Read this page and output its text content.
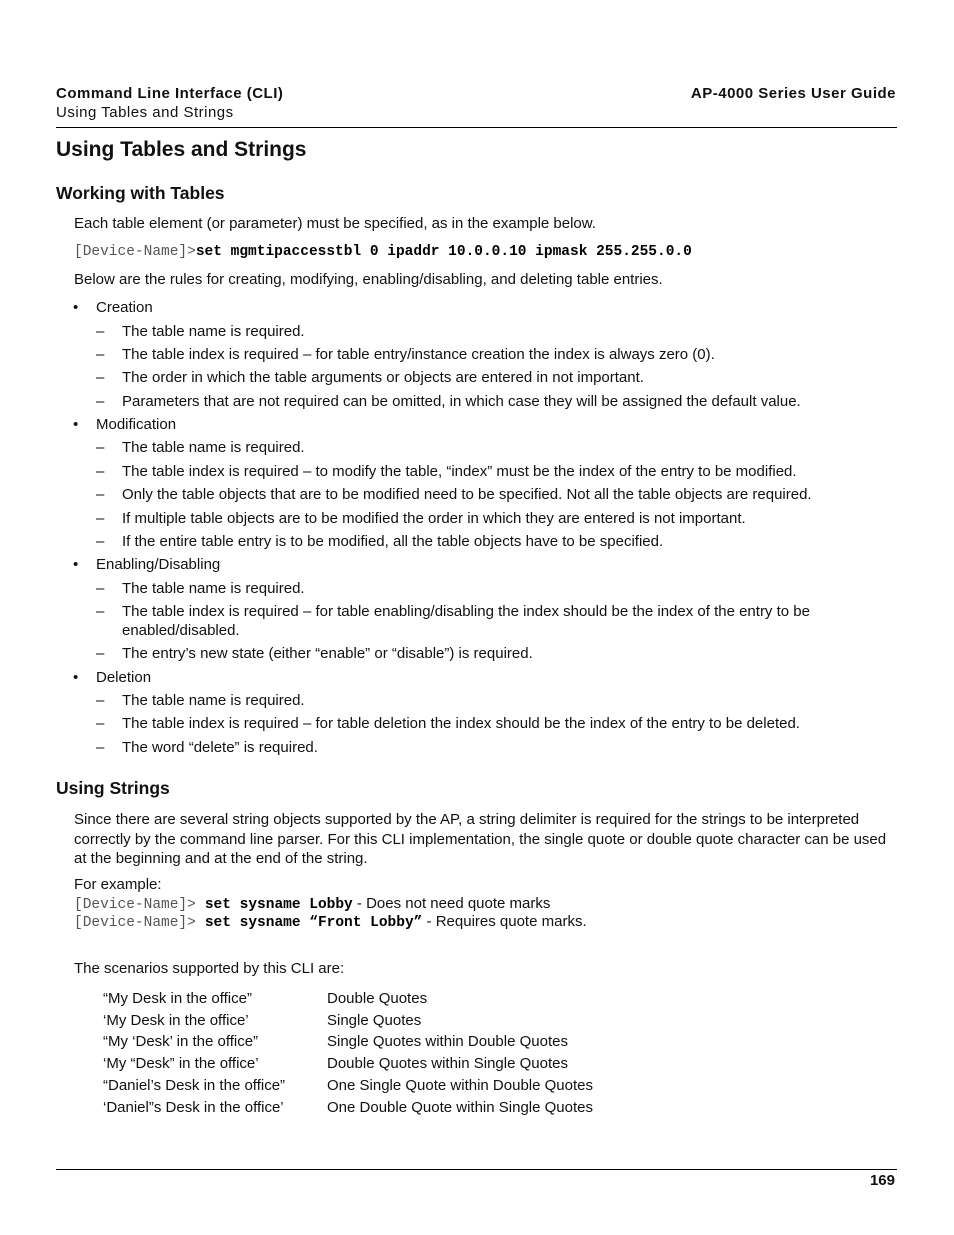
Command Line Interface (CLI)
Using Tables and Strings
AP-4000 Series User Guide
Using Tables and Strings
Working with Tables
Each table element (or parameter) must be specified, as in the example below.
[Device-Name]>set mgmtipaccesstbl 0 ipaddr 10.0.0.10 ipmask 255.255.0.0
Below are the rules for creating, modifying, enabling/disabling, and deleting table entries.
• Creation
– The table name is required.
– The table index is required – for table entry/instance creation the index is always zero (0).
– The order in which the table arguments or objects are entered in not important.
– Parameters that are not required can be omitted, in which case they will be assigned the default value.
• Modification
– The table name is required.
– The table index is required – to modify the table, “index” must be the index of the entry to be modified.
– Only the table objects that are to be modified need to be specified. Not all the table objects are required.
– If multiple table objects are to be modified the order in which they are entered is not important.
– If the entire table entry is to be modified, all the table objects have to be specified.
• Enabling/Disabling
– The table name is required.
– The table index is required – for table enabling/disabling the index should be the index of the entry to be enabled/disabled.
– The entry’s new state (either “enable” or “disable”) is required.
• Deletion
– The table name is required.
– The table index is required – for table deletion the index should be the index of the entry to be deleted.
– The word “delete” is required.
Using Strings
Since there are several string objects supported by the AP, a string delimiter is required for the strings to be interpreted correctly by the command line parser. For this CLI implementation, the single quote or double quote character can be used at the beginning and at the end of the string.
For example:
[Device-Name]> set sysname Lobby - Does not need quote marks
[Device-Name]> set sysname “Front Lobby” - Requires quote marks.
The scenarios supported by this CLI are:
“My Desk in the office”	Double Quotes
‘My Desk in the office’	Single Quotes
“My ‘Desk’ in the office”	Single Quotes within Double Quotes
‘My “Desk” in the office’	Double Quotes within Single Quotes
“Daniel’s Desk in the office”	One Single Quote within Double Quotes
‘Daniel”s Desk in the office’	One Double Quote within Single Quotes
169
